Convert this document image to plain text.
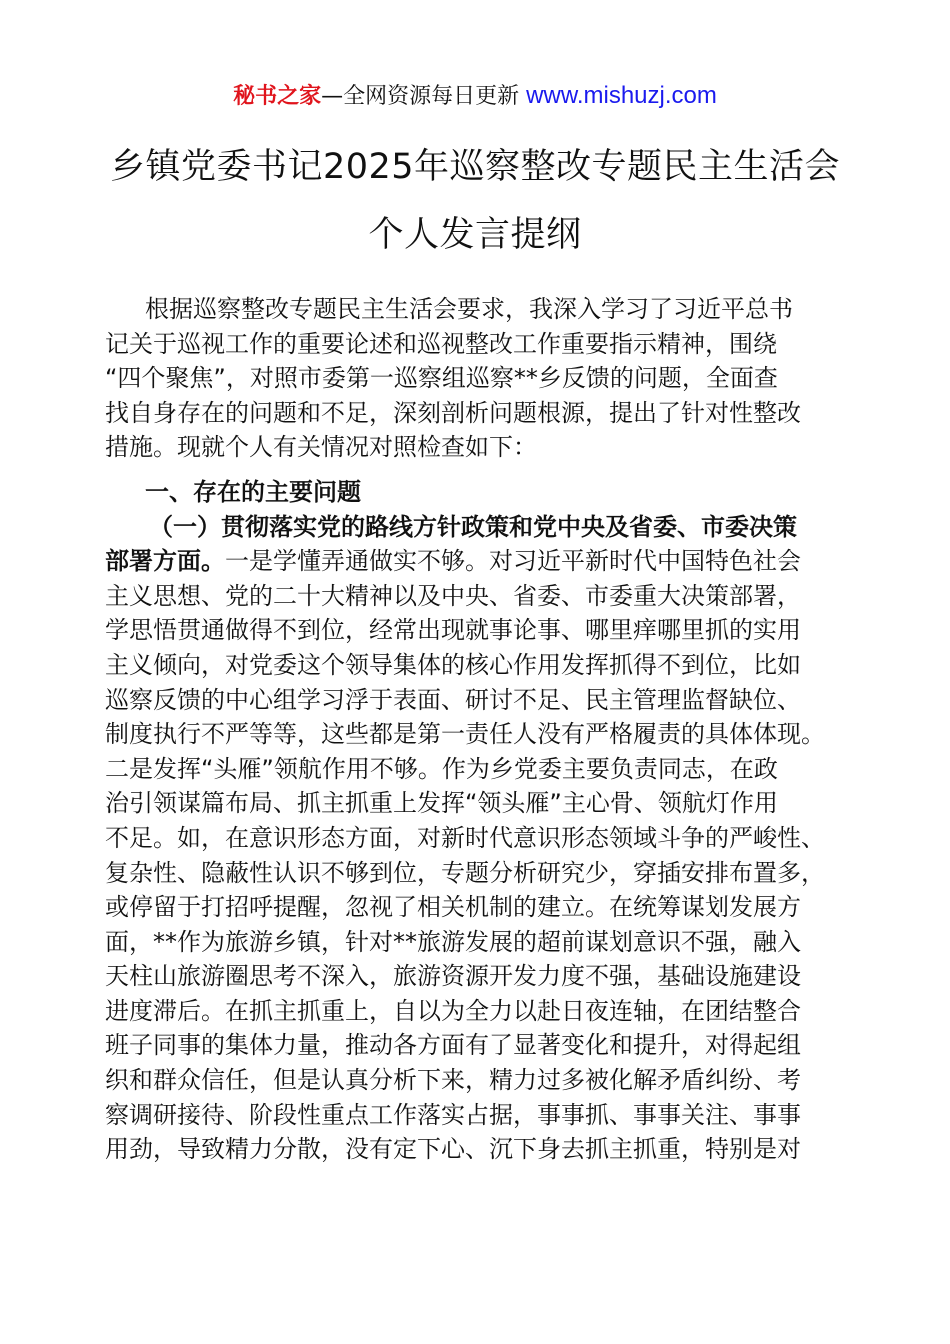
秘书之家—全网资源每日更新 www.mishuzj.com
乡镇党委书记2025年巡察整改专题民主生活会
个人发言提纲
根据巡察整改专题民主生活会要求，我深入学习了习近平总书
记关于巡视工作的重要论述和巡视整改工作重要指示精神，围绕
“四个聚焦”，对照市委第一巡察组巡察**乡反馈的问题，全面查
找自身存在的问题和不足，深刻剖析问题根源，提出了针对性整改
措施。现就个人有关情况对照检查如下：
一、存在的主要问题
（一）贯彻落实党的路线方针政策和党中央及省委、市委决策
部署方面。一是学懂弄通做实不够。对习近平新时代中国特色社会
主义思想、党的二十大精神以及中央、省委、市委重大决策部署，
学思悟贯通做得不到位，经常出现就事论事、哪里痒哪里抓的实用
主义倾向，对党委这个领导集体的核心作用发挥抓得不到位，比如
巡察反馈的中心组学习浮于表面、研讨不足、民主管理监督缺位、
制度执行不严等等，这些都是第一责任人没有严格履责的具体体现。
二是发挥“头雁”领航作用不够。作为乡党委主要负责同志，在政
治引领谋篇布局、抓主抓重上发挥“领头雁”主心骨、领航灯作用
不足。如，在意识形态方面，对新时代意识形态领域斗争的严峻性、
复杂性、隐蔽性认识不够到位，专题分析研究少，穿插安排布置多，
或停留于打招呼提醒，忽视了相关机制的建立。在统筹谋划发展方
面，**作为旅游乡镇，针对**旅游发展的超前谋划意识不强，融入
天柱山旅游圈思考不深入，旅游资源开发力度不强，基础设施建设
进度滞后。在抓主抓重上，自以为全力以赴日夜连轴，在团结整合
班子同事的集体力量，推动各方面有了显著变化和提升，对得起组
织和群众信任，但是认真分析下来，精力过多被化解矛盾纠纷、考
察调研接待、阶段性重点工作落实占据，事事抓、事事关注、事事
用劲，导致精力分散，没有定下心、沉下身去抓主抓重，特别是对
